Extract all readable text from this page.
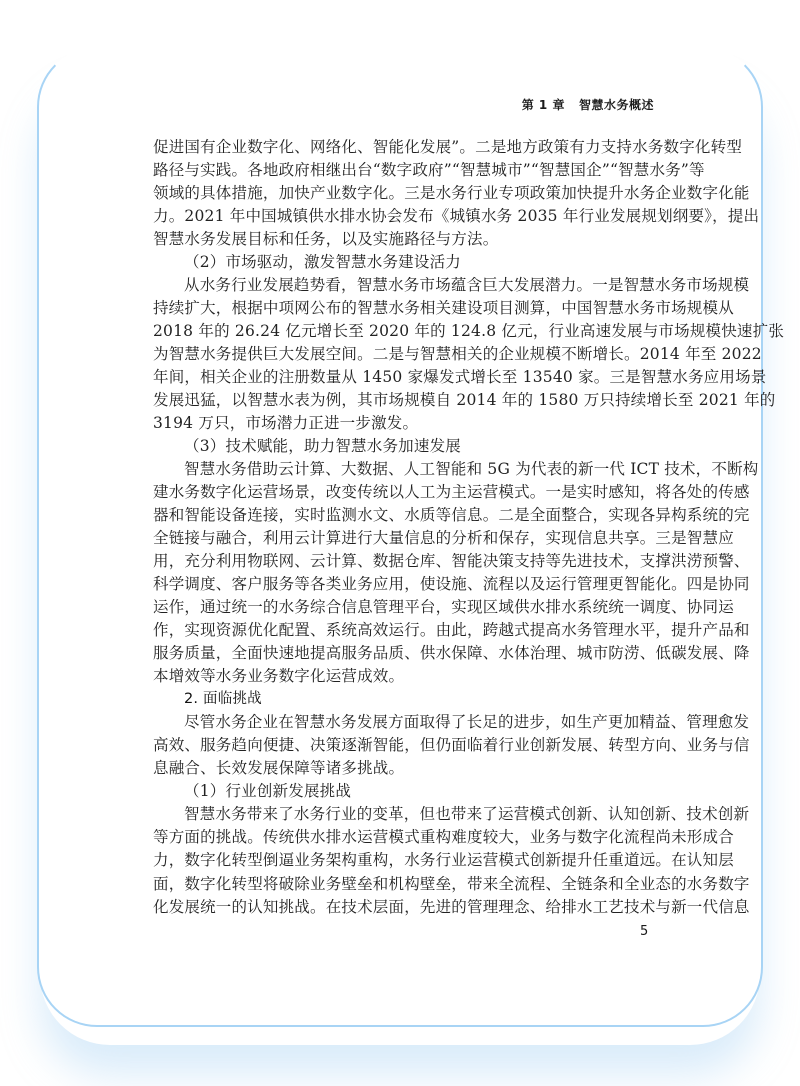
第 1 章   智慧水务概述
促进国有企业数字化、网络化、智能化发展”。二是地方政策有力支持水务数字化转型
路径与实践。各地政府相继出台“数字政府”“智慧城市”“智慧国企”“智慧水务”等
领域的具体措施，加快产业数字化。三是水务行业专项政策加快提升水务企业数字化能
力。2021 年中国城镇供水排水协会发布《城镇水务 2035 年行业发展规划纲要》，提出
智慧水务发展目标和任务，以及实施路径与方法。
（2）市场驱动，激发智慧水务建设活力
从水务行业发展趋势看，智慧水务市场蕴含巨大发展潜力。一是智慧水务市场规模
持续扩大，根据中项网公布的智慧水务相关建设项目测算，中国智慧水务市场规模从
2018 年的 26.24 亿元增长至 2020 年的 124.8 亿元，行业高速发展与市场规模快速扩张
为智慧水务提供巨大发展空间。二是与智慧相关的企业规模不断增长。2014 年至 2022
年间，相关企业的注册数量从 1450 家爆发式增长至 13540 家。三是智慧水务应用场景
发展迅猛，以智慧水表为例，其市场规模自 2014 年的 1580 万只持续增长至 2021 年的
3194 万只，市场潜力正进一步激发。
（3）技术赋能，助力智慧水务加速发展
智慧水务借助云计算、大数据、人工智能和 5G 为代表的新一代 ICT 技术，不断构
建水务数字化运营场景，改变传统以人工为主运营模式。一是实时感知，将各处的传感
器和智能设备连接，实时监测水文、水质等信息。二是全面整合，实现各异构系统的完
全链接与融合，利用云计算进行大量信息的分析和保存，实现信息共享。三是智慧应
用，充分利用物联网、云计算、数据仓库、智能决策支持等先进技术，支撑洪涝预警、
科学调度、客户服务等各类业务应用，使设施、流程以及运行管理更智能化。四是协同
运作，通过统一的水务综合信息管理平台，实现区域供水排水系统统一调度、协同运
作，实现资源优化配置、系统高效运行。由此，跨越式提高水务管理水平，提升产品和
服务质量，全面快速地提高服务品质、供水保障、水体治理、城市防涝、低碳发展、降
本增效等水务业务数字化运营成效。
2. 面临挑战
尽管水务企业在智慧水务发展方面取得了长足的进步，如生产更加精益、管理愈发
高效、服务趋向便捷、决策逐渐智能，但仍面临着行业创新发展、转型方向、业务与信
息融合、长效发展保障等诸多挑战。
（1）行业创新发展挑战
智慧水务带来了水务行业的变革，但也带来了运营模式创新、认知创新、技术创新
等方面的挑战。传统供水排水运营模式重构难度较大，业务与数字化流程尚未形成合
力，数字化转型倒逼业务架构重构，水务行业运营模式创新提升任重道远。在认知层
面，数字化转型将破除业务壁垒和机构壁垒，带来全流程、全链条和全业态的水务数字
化发展统一的认知挑战。在技术层面，先进的管理理念、给排水工艺技术与新一代信息
5
